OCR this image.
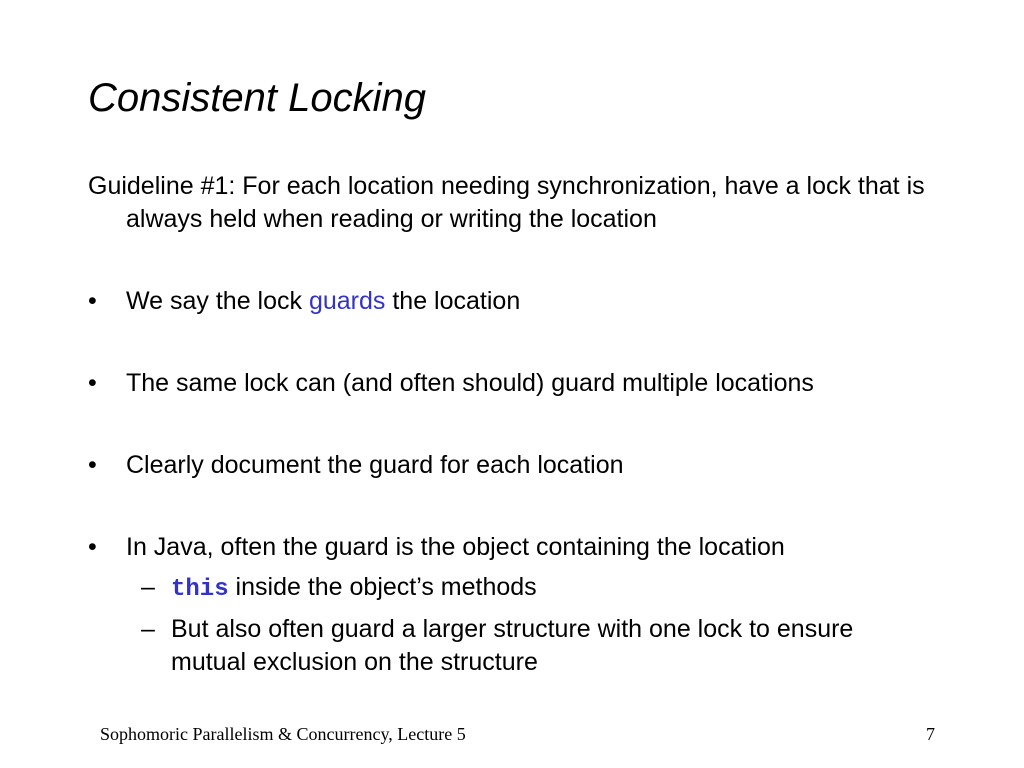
Consistent Locking
Guideline #1: For each location needing synchronization, have a lock that is always held when reading or writing the location
• We say the lock guards the location
• The same lock can (and often should) guard multiple locations
• Clearly document the guard for each location
• In Java, often the guard is the object containing the location
– this inside the object’s methods
– But also often guard a larger structure with one lock to ensure mutual exclusion on the structure
Sophomoric Parallelism & Concurrency, Lecture 5	7
